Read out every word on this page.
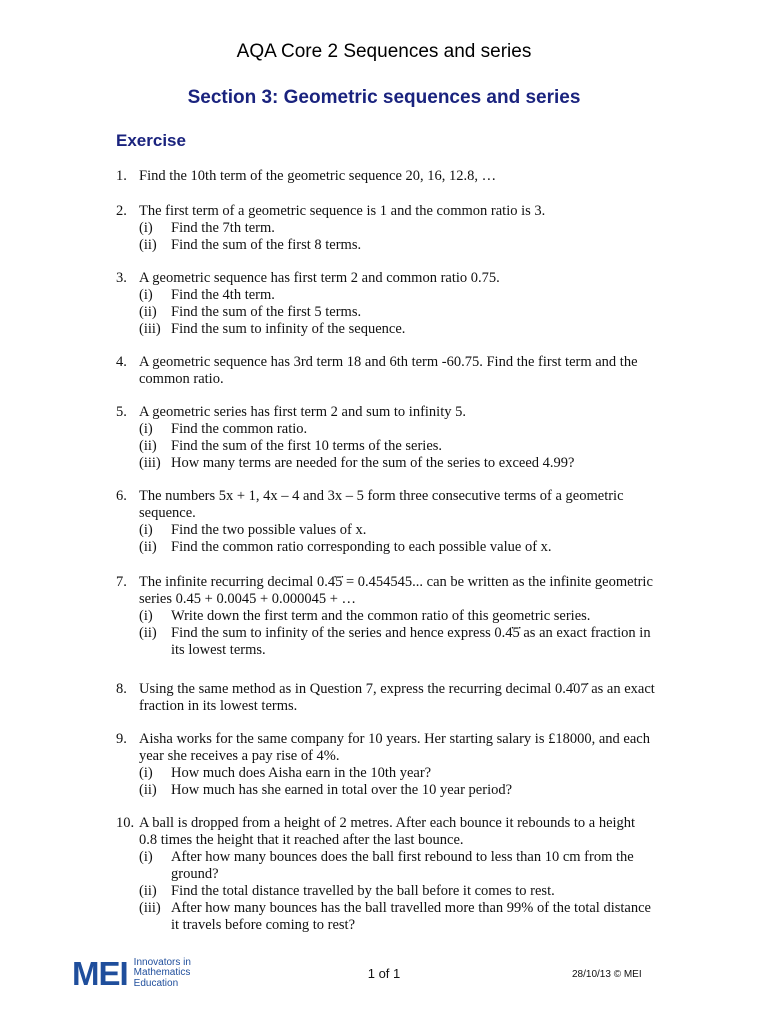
AQA Core 2 Sequences and series
Section 3: Geometric sequences and series
Exercise
1. Find the 10th term of the geometric sequence 20, 16, 12.8, …
2. The first term of a geometric sequence is 1 and the common ratio is 3.
(i)	Find the 7th term.
(ii) Find the sum of the first 8 terms.
3. A geometric sequence has first term 2 and common ratio 0.75.
(i)	Find the 4th term.
(ii) Find the sum of the first 5 terms.
(iii) Find the sum to infinity of the sequence.
4. A geometric sequence has 3rd term 18 and 6th term -60.75. Find the first term and the common ratio.
5. A geometric series has first term 2 and sum to infinity 5.
(i)	Find the common ratio.
(ii) Find the sum of the first 10 terms of the series.
(iii) How many terms are needed for the sum of the series to exceed 4.99?
6. The numbers 5x + 1, 4x – 4 and 3x – 5 form three consecutive terms of a geometric sequence.
(i)	Find the two possible values of x.
(ii) Find the common ratio corresponding to each possible value of x.
7. The infinite recurring decimal 0.4̇5̇ = 0.454545... can be written as the infinite geometric series 0.45 + 0.0045 + 0.000045 + …
(i)	Write down the first term and the common ratio of this geometric series.
(ii) Find the sum to infinity of the series and hence express 0.4̇5̇ as an exact fraction in its lowest terms.
8. Using the same method as in Question 7, express the recurring decimal 0.4̇07̇ as an exact fraction in its lowest terms.
9. Aisha works for the same company for 10 years. Her starting salary is £18000, and each year she receives a pay rise of 4%.
(i)	How much does Aisha earn in the 10th year?
(ii) How much has she earned in total over the 10 year period?
10. A ball is dropped from a height of 2 metres. After each bounce it rebounds to a height 0.8 times the height that it reached after the last bounce.
(i)	After how many bounces does the ball first rebound to less than 10 cm from the ground?
(ii) Find the total distance travelled by the ball before it comes to rest.
(iii) After how many bounces has the ball travelled more than 99% of the total distance it travels before coming to rest?
MEI Innovators in
Mathematics
Education
1 of 1	28/10/13 © MEI
